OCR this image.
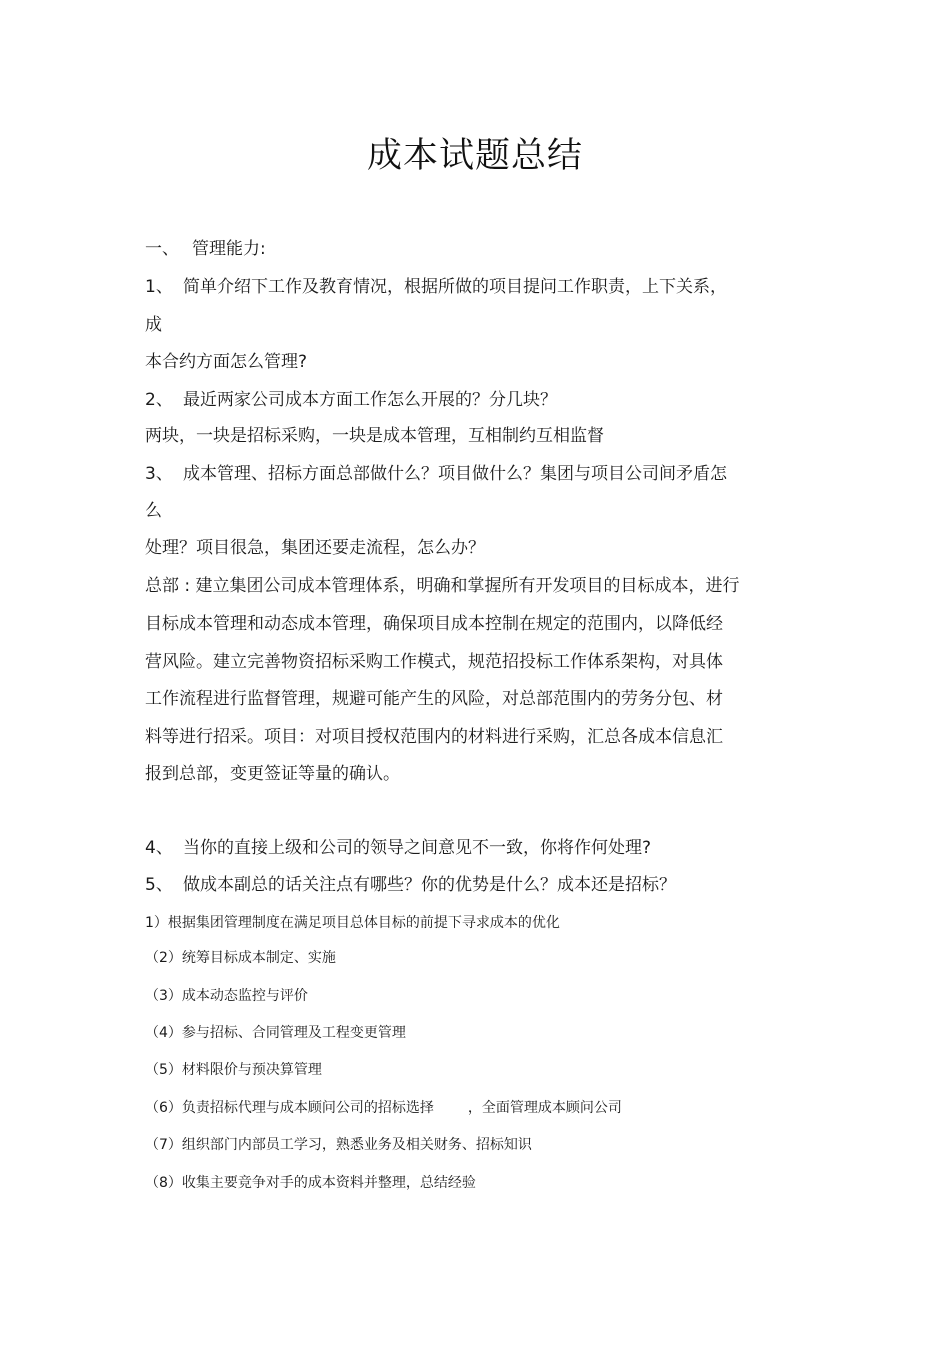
成本试题总结
一、 管理能力:
1、 简单介绍下工作及教育情况，根据所做的项目提问工作职责，上下关系，
成
本合约方面怎么管理?
2、 最近两家公司成本方面工作怎么开展的？分几块？
两块，一块是招标采购，一块是成本管理，互相制约互相监督
3、 成本管理、招标方面总部做什么？项目做什么？集团与项目公司间矛盾怎
么
处理？项目很急，集团还要走流程，怎么办？
总部 : 建立集团公司成本管理体系，明确和掌握所有开发项目的目标成本，进行
目标成本管理和动态成本管理，确保项目成本控制在规定的范围内，以降低经
营风险。建立完善物资招标采购工作模式，规范招投标工作体系架构，对具体
工作流程进行监督管理，规避可能产生的风险，对总部范围内的劳务分包、材
料等进行招采。项目：对项目授权范围内的材料进行采购，汇总各成本信息汇
报到总部，变更签证等量的确认。
4、 当你的直接上级和公司的领导之间意见不一致，你将作何处理?
5、 做成本副总的话关注点有哪些？你的优势是什么？成本还是招标？
1）根据集团管理制度在满足项目总体目标的前提下寻求成本的优化
（2）统筹目标成本制定、实施
（3）成本动态监控与评价
（4）参与招标、合同管理及工程变更管理
（5）材料限价与预决算管理
（6）负责招标代理与成本顾问公司的招标选择 ，全面管理成本顾问公司
（7）组织部门内部员工学习，熟悉业务及相关财务、招标知识
（8）收集主要竞争对手的成本资料并整理，总结经验
